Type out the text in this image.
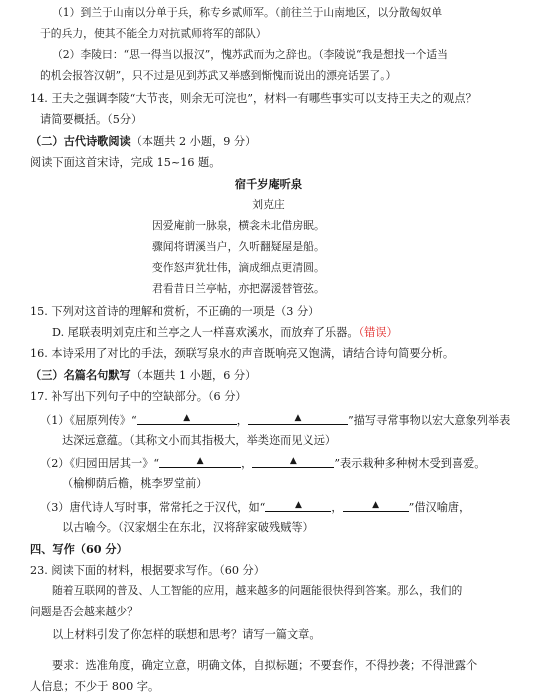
（1）到兰于山南以分单于兵，称专乡贰师军。（前往兰于山南地区，以分散匈奴单
于的兵力，使其不能全力对抗贰师将军的部队）
（2）李陵曰：“思一得当以报汉”，愧苏武而为之辞也。（李陵说“我是想找一个适当
的机会报答汉朝”，只不过是见到苏武又举感到惭愧而说出的漂亮话罢了。）
14. 王夫之强调李陵“大节丧，则余无可浣也”，材料一有哪些事实可以支持王夫之的观点？
请简要概括。（5分）
（二）古代诗歌阅读（本题共 2 小题，9 分）
阅读下面这首宋诗，完成 15~16 题。
宿千岁庵听泉
刘克庄
因爱庵前一脉泉，横衾未北借房眠。
骤闻将谓溪当户，久听翻疑屋是船。
变作怒声犹壮伟，滴成细点更清圆。
君看昔日兰亭帖，亦把潺湲替管弦。
15. 下列对这首诗的理解和赏析，不正确的一项是（3 分）
D. 尾联表明刘克庄和兰亭之人一样喜欢溪水，而放弃了乐器。（错误）
16. 本诗采用了对比的手法，颈联写泉水的声音既响亮又饱满，请结合诗句简要分析。
（三）名篇名句默写（本题共 1 小题，6 分）
17. 补写出下列句子中的空缺部分。（6 分）
（1）《屈原列传》“	▲	，	▲	”描写寻常事物以宏大意象列举表
达深远意蕴。（其称文小而其指极大，举类迩而见义远）
（2）《归园田居其一》“	▲	，	▲	”表示栽种多种树木受到喜爱。
（榆柳荫后檐，桃李罗堂前）
（3）唐代诗人写时事，常常托之于汉代，如“	▲	，	▲	”借汉喻唐，
以古喻今。（汉家烟尘在东北，汉将辞家破残贼等）
四、写作（60 分）
23. 阅读下面的材料，根据要求写作。（60 分）
随着互联网的普及、人工智能的应用，越来越多的问题能很快得到答案。那么，我们的
问题是否会越来越少？
以上材料引发了你怎样的联想和思考？请写一篇文章。
要求：选准角度，确定立意，明确文体，自拟标题；不要套作，不得抄袭；不得泄露个
人信息；不少于 800 字。
